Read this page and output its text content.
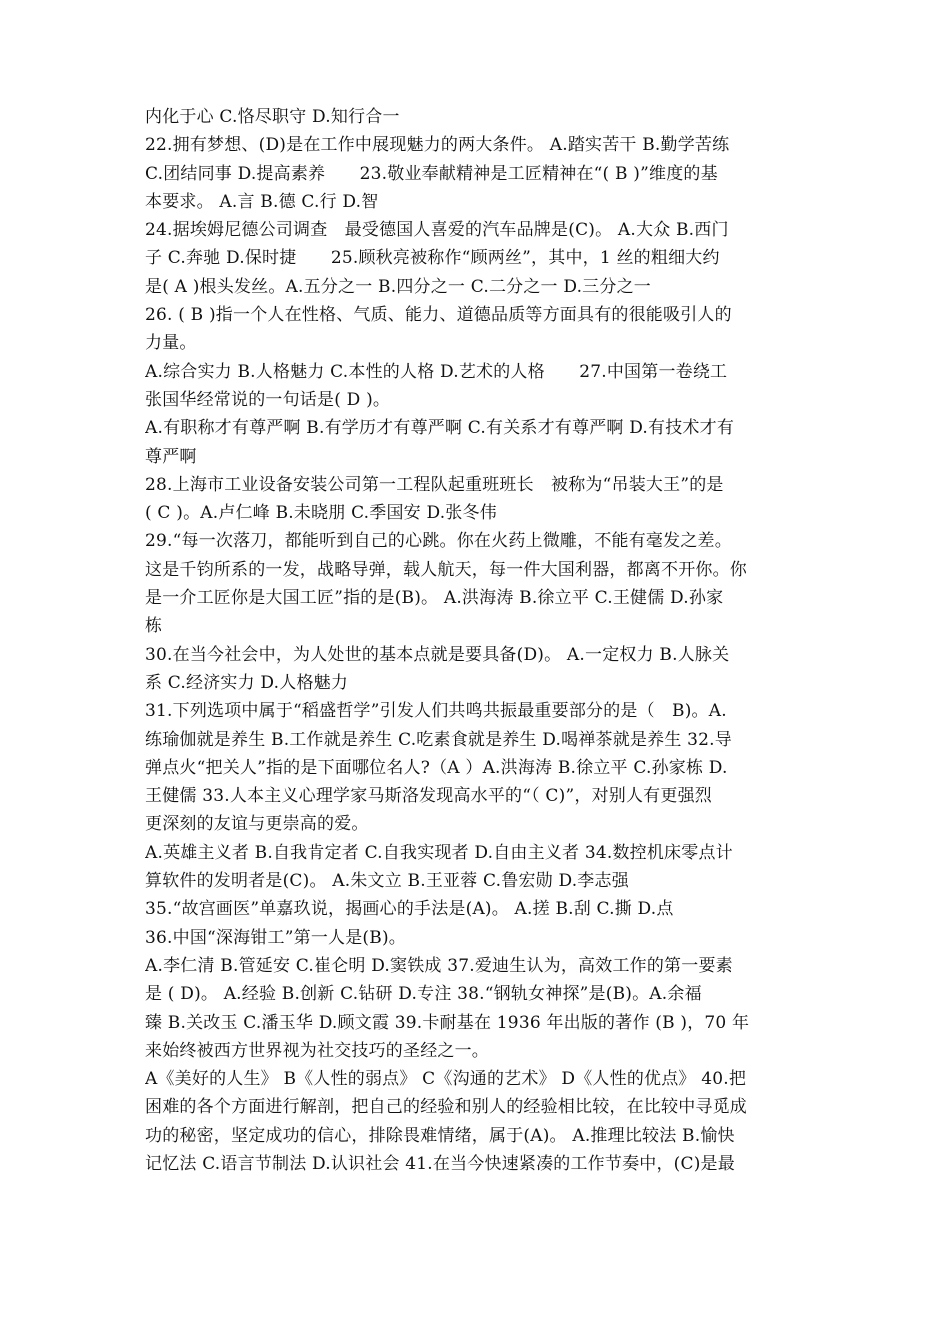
内化于心 C.恪尽职守 D.知行合一
22.拥有梦想、(D)是在工作中展现魅力的两大条件。 A.踏实苦干 B.勤学苦练
C.团结同事 D.提高素养　　23.敬业奉献精神是工匠精神在“( B )”维度的基
本要求。 A.言 B.德 C.行 D.智
24.据埃姆尼德公司调查　最受德国人喜爱的汽车品牌是(C)。 A.大众 B.西门
子 C.奔驰 D.保时捷　　25.顾秋亮被称作“顾两丝”，其中，1 丝的粗细大约
是( A )根头发丝。A.五分之一 B.四分之一 C.二分之一 D.三分之一
26. ( B )指一个人在性格、气质、能力、道德品质等方面具有的很能吸引人的
力量。
A.综合实力 B.人格魅力 C.本性的人格 D.艺术的人格　　27.中国第一卷绕工
张国华经常说的一句话是( D )。
A.有职称才有尊严啊 B.有学历才有尊严啊 C.有关系才有尊严啊 D.有技术才有
尊严啊
28.上海市工业设备安装公司第一工程队起重班班长　被称为“吊装大王”的是
( C )。A.卢仁峰 B.未晓朋 C.季国安 D.张冬伟
29.“每一次落刀，都能听到自己的心跳。你在火药上微雕，不能有毫发之差。
这是千钧所系的一发，战略导弹，载人航天，每一件大国利器，都离不开你。你
是一介工匠你是大国工匠”指的是(B)。 A.洪海涛 B.徐立平 C.王健儒 D.孙家
栋
30.在当今社会中，为人处世的基本点就是要具备(D)。 A.一定权力 B.人脉关
系 C.经济实力 D.人格魅力
31.下列选项中属于“稻盛哲学”引发人们共鸣共振最重要部分的是（　B)。A.
练瑜伽就是养生 B.工作就是养生 C.吃素食就是养生 D.喝禅茶就是养生 32.导
弹点火“把关人”指的是下面哪位名人?（A ）A.洪海涛 B.徐立平 C.孙家栋 D.
王健儒 33.人本主义心理学家马斯洛发现高水平的“（ C)”，对别人有更强烈
更深刻的友谊与更崇高的爱。
A.英雄主义者 B.自我肯定者 C.自我实现者 D.自由主义者 34.数控机床零点计
算软件的发明者是(C)。 A.朱文立 B.王亚蓉 C.鲁宏勋 D.李志强
35.“故宫画医”单嘉玖说，揭画心的手法是(A)。 A.搓 B.刮 C.撕 D.点
36.中国“深海钳工”第一人是(B)。
A.李仁清 B.管延安 C.崔仑明 D.窦铁成 37.爱迪生认为，高效工作的第一要素
是 ( D)。 A.经验 B.创新 C.钻研 D.专注 38.“钢轨女神探”是(B)。A.余福
臻 B.关改玉 C.潘玉华 D.顾文霞 39.卡耐基在 1936 年出版的著作 (B )，70 年
来始终被西方世界视为社交技巧的圣经之一。
A《美好的人生》 B《人性的弱点》 C《沟通的艺术》 D《人性的优点》 40.把
困难的各个方面进行解剖，把自己的经验和别人的经验相比较，在比较中寻觅成
功的秘密，坚定成功的信心，排除畏难情绪，属于(A)。 A.推理比较法 B.愉快
记忆法 C.语言节制法 D.认识社会 41.在当今快速紧凑的工作节奏中，(C)是最
